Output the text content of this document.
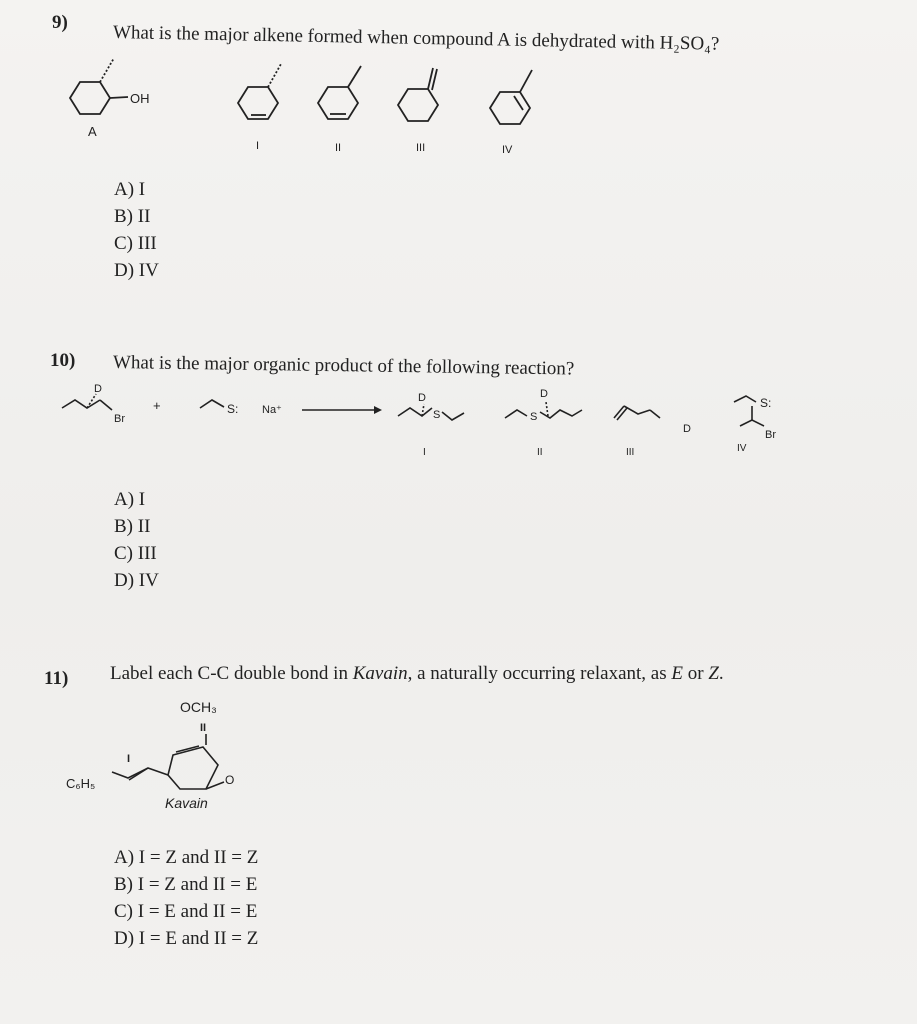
9) What is the major alkene formed when compound A is dehydrated with H₂SO₄?
OH
A
I	II	III	IV
A) I
B) II
C) III
D) IV
10) What is the major organic product of the following reaction?
D
Br
+	S: Na⁺
D
S
I
D
S
II
D
III
S:
Br
IV
A) I
B) II
C) III
D) IV
11) Label each C-C double bond in Kavain, a naturally occurring relaxant, as E or Z.
OCH₃
II
O
I
C₆H₅
Kavain
A) I = Z and II = Z
B) I = Z and II = E
C) I = E and II = E
D) I = E and II = Z
